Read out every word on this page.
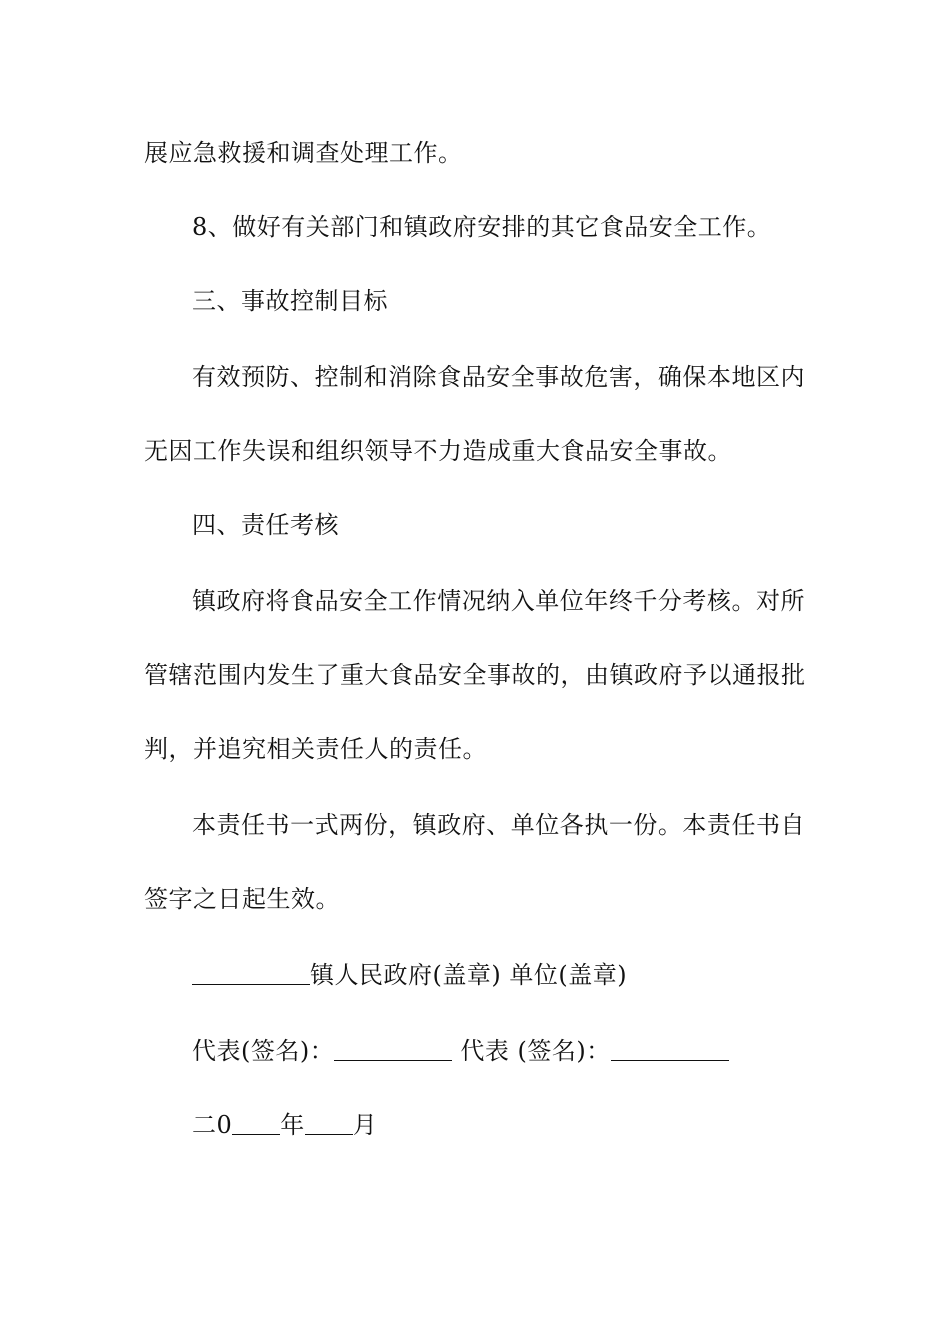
展应急救援和调查处理工作。
8、做好有关部门和镇政府安排的其它食品安全工作。
三、事故控制目标
有效预防、控制和消除食品安全事故危害，确保本地区内
无因工作失误和组织领导不力造成重大食品安全事故。
四、责任考核
镇政府将食品安全工作情况纳入单位年终千分考核。对所
管辖范围内发生了重大食品安全事故的，由镇政府予以通报批
判，并追究相关责任人的责任。
本责任书一式两份，镇政府、单位各执一份。本责任书自
签字之日起生效。
镇人民政府(盖章) 单位(盖章)
代表(签名)：	代表 (签名)：
二0 年 月
